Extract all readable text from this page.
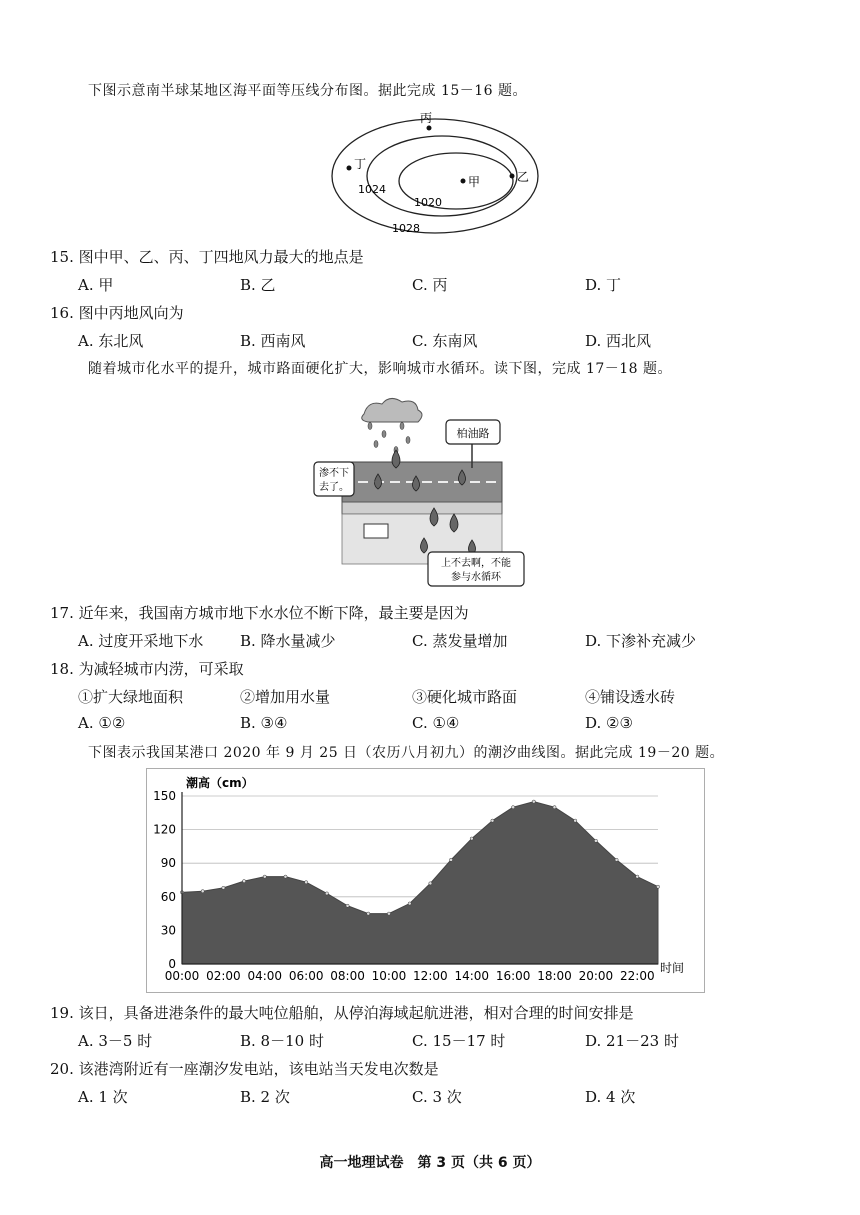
下图示意南半球某地区海平面等压线分布图。据此完成 15－16 题。
丙
丁
甲	乙
1024
1020
1028
15. 图中甲、乙、丙、丁四地风力最大的地点是
A. 甲	B. 乙	C. 丙	D. 丁
16. 图中丙地风向为
A. 东北风	B. 西南风	C. 东南风	D. 西北风
随着城市化水平的提升，城市路面硬化扩大，影响城市水循环。读下图，完成 17－18 题。
柏油路
渗不下
去了。
上不去啊，不能
参与水循环
17. 近年来，我国南方城市地下水水位不断下降，最主要是因为
A. 过度开采地下水 B. 降水量减少	C. 蒸发量增加	D. 下渗补充减少
18. 为减轻城市内涝，可采取
①扩大绿地面积	②增加用水量	③硬化城市路面	④铺设透水砖
A. ①②	B. ③④	C. ①④	D. ②③
下图表示我国某港口 2020 年 9 月 25 日（农历八月初九）的潮汐曲线图。据此完成 19－20 题。
潮高（cm）
0
30
60
90
120
150
00:00 02:00 04:00 06:00 08:00 10:00 12:00 14:00 16:00 18:00 20:00 22:00
时间
19. 该日，具备进港条件的最大吨位船舶，从停泊海域起航进港，相对合理的时间安排是
A. 3－5 时	B. 8－10 时	C. 15－17 时	D. 21－23 时
20. 该港湾附近有一座潮汐发电站，该电站当天发电次数是
A. 1 次	B. 2 次	C. 3 次	D. 4 次
高一地理试卷　第 3 页（共 6 页）
